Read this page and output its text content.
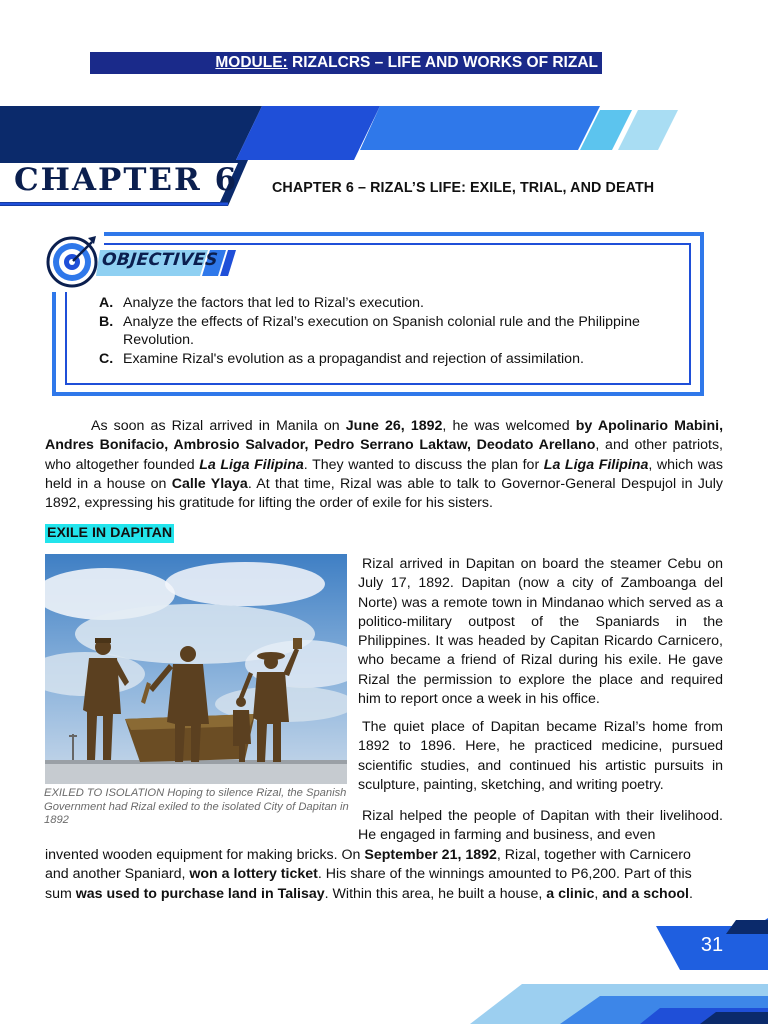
MODULE: RIZALCRS – LIFE AND WORKS OF RIZAL
CHAPTER 6 CHAPTER 6 – RIZAL’S LIFE: EXILE, TRIAL, AND DEATH
OBJECTIVES
A. Analyze the factors that led to Rizal’s execution.
B. Analyze the effects of Rizal’s execution on Spanish colonial rule and the Philippine Revolution.
C. Examine Rizal's evolution as a propagandist and rejection of assimilation.

As soon as Rizal arrived in Manila on June 26, 1892, he was welcomed by Apolinario Mabini, Andres Bonifacio, Ambrosio Salvador, Pedro Serrano Laktaw, Deodato Arellano, and other patriots, who altogether founded La Liga Filipina. They wanted to discuss the plan for La Liga Filipina, which was held in a house on Calle Ylaya. At that time, Rizal was able to talk to Governor-General Despujol in July 1892, expressing his gratitude for lifting the order of exile for his sisters.

EXILE IN DAPITAN
EXILED TO ISOLATION Hoping to silence Rizal, the Spanish Government had Rizal exiled to the isolated City of Dapitan in 1892

Rizal arrived in Dapitan on board the steamer Cebu on July 17, 1892. Dapitan (now a city of Zamboanga del Norte) was a remote town in Mindanao which served as a politico-military outpost of the Spaniards in the Philippines. It was headed by Capitan Ricardo Carnicero, who became a friend of Rizal during his exile. He gave Rizal the permission to explore the place and required him to report once a week in his office.

The quiet place of Dapitan became Rizal’s home from 1892 to 1896. Here, he practiced medicine, pursued scientific studies, and continued his artistic pursuits in sculpture, painting, sketching, and writing poetry.

Rizal helped the people of Dapitan with their livelihood. He engaged in farming and business, and even

invented wooden equipment for making bricks. On September 21, 1892, Rizal, together with Carnicero
and another Spaniard, won a lottery ticket. His share of the winnings amounted to P6,200. Part of this
sum was used to purchase land in Talisay. Within this area, he built a house, a clinic, and a school.

31
